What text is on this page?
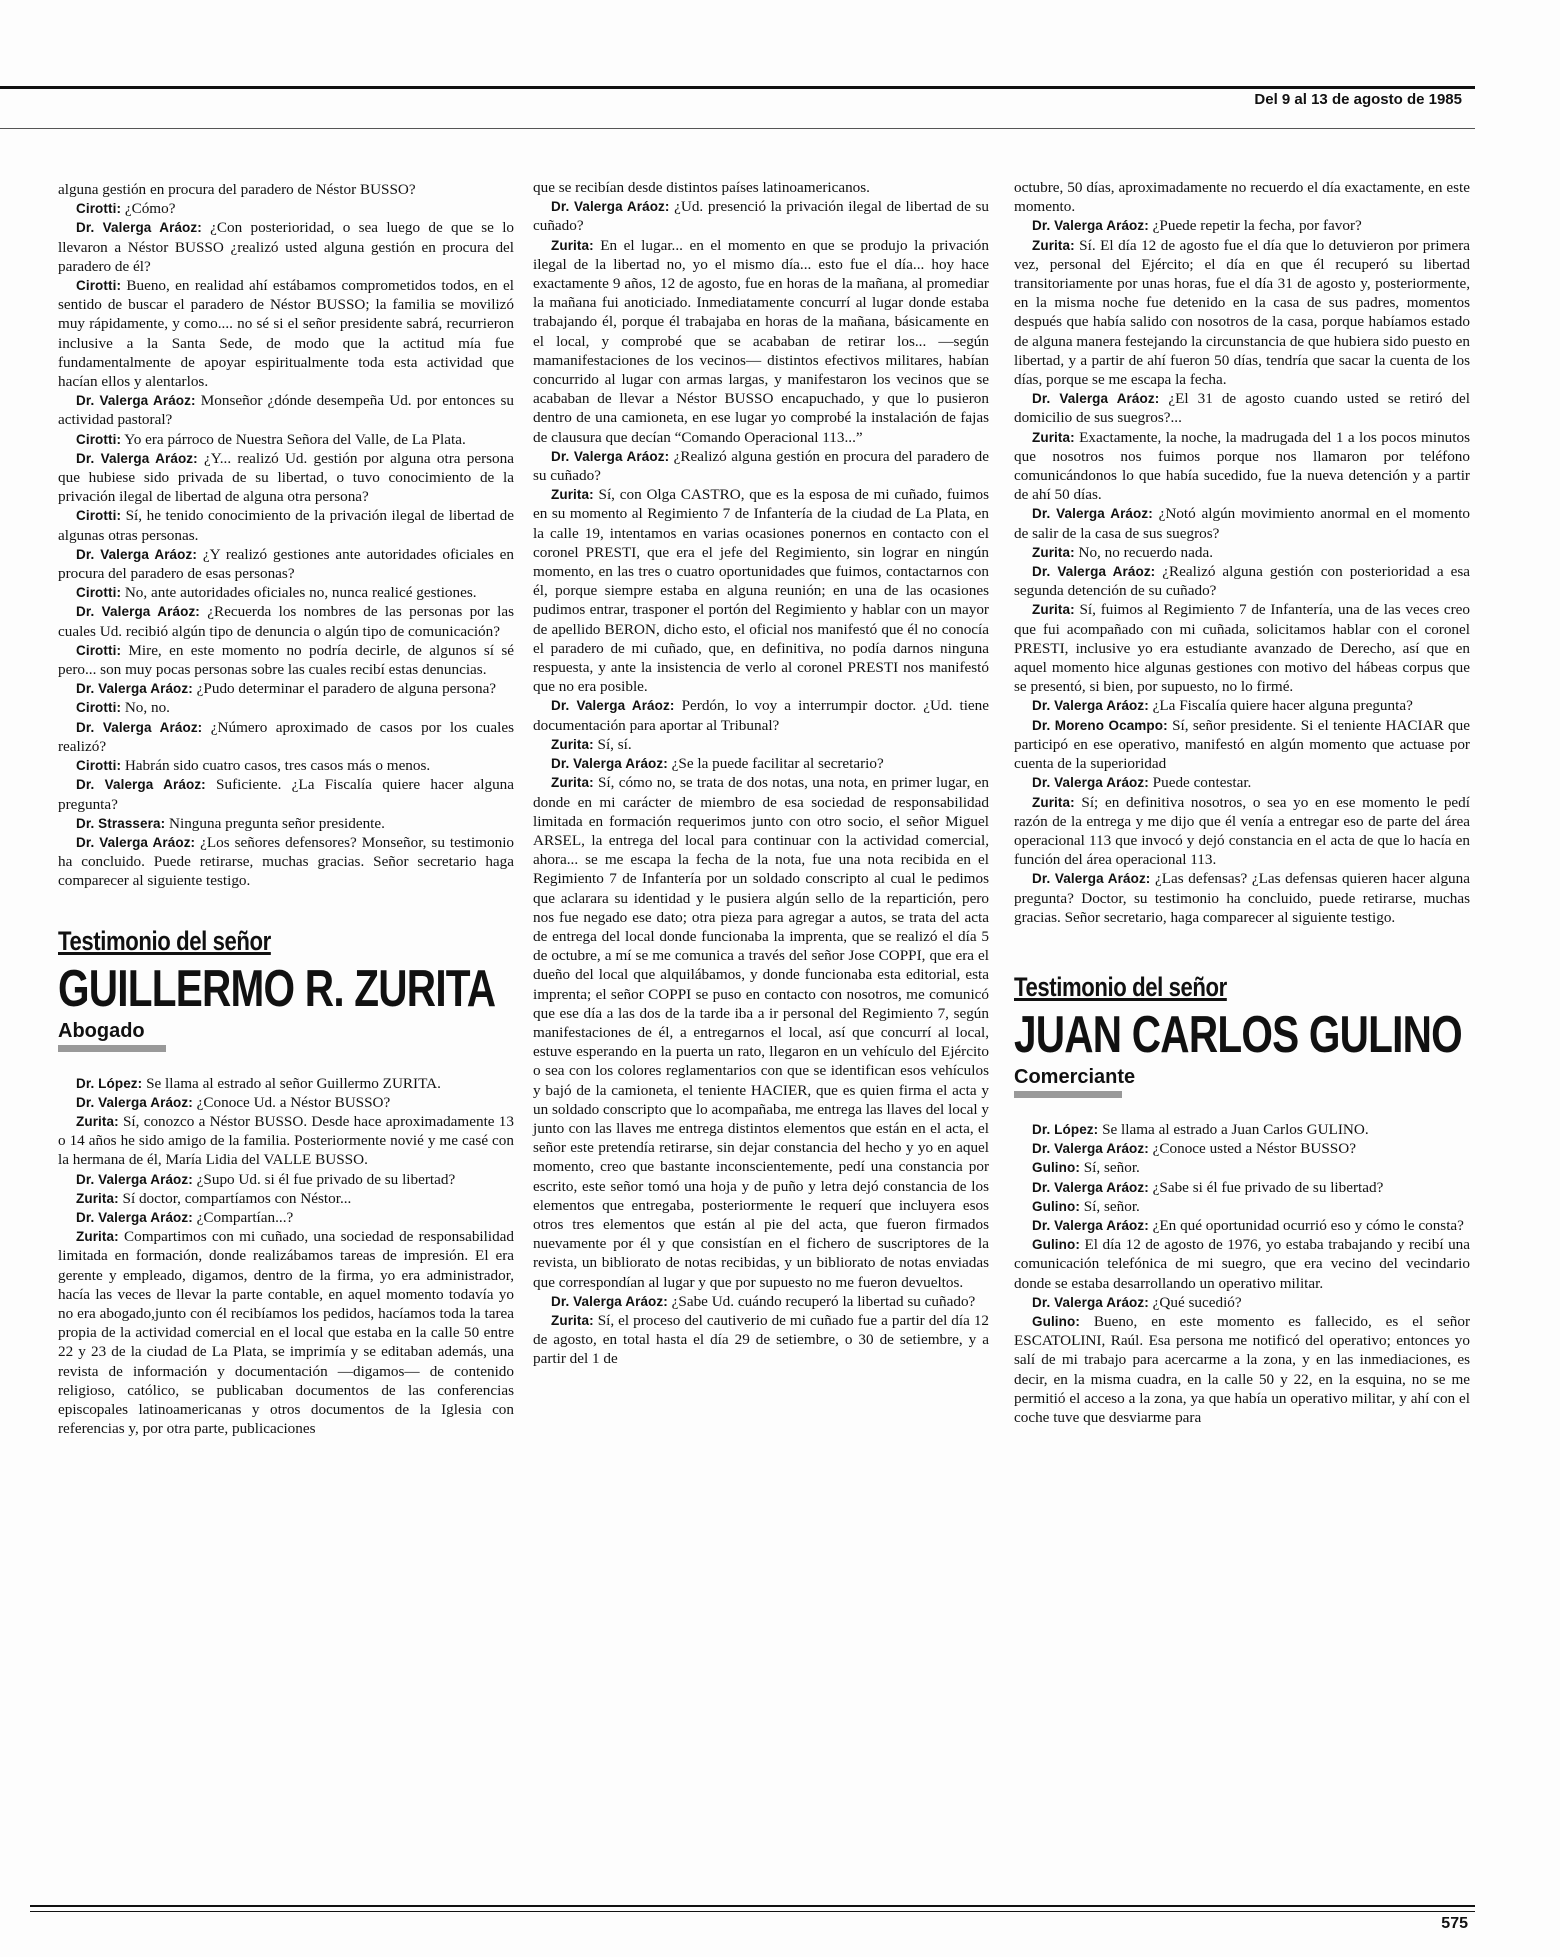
Del 9 al 13 de agosto de 1985

alguna gestión en procura del paradero de Néstor BUSSO?

Cirotti: ¿Cómo?

Dr. Valerga Aráoz: ¿Con posterioridad, o sea luego de que se lo llevaron a Néstor BUSSO ¿realizó usted alguna gestión en procura del paradero de él?

Cirotti: Bueno, en realidad ahí estábamos comprometidos todos, en el sentido de buscar el paradero de Néstor BUSSO; la familia se movilizó muy rápidamente, y como.... no sé si el señor presidente sabrá, recurrieron inclusive a la Santa Sede, de modo que la actitud mía fue fundamentalmente de apoyar espiritualmente toda esta actividad que hacían ellos y alentarlos.

Dr. Valerga Aráoz: Monseñor ¿dónde desempeña Ud. por entonces su actividad pastoral?

Cirotti: Yo era párroco de Nuestra Señora del Valle, de La Plata.

Dr. Valerga Aráoz: ¿Y... realizó Ud. gestión por alguna otra persona que hubiese sido privada de su libertad, o tuvo conocimiento de la privación ilegal de libertad de alguna otra persona?

Cirotti: Sí, he tenido conocimiento de la privación ilegal de libertad de algunas otras personas.

Dr. Valerga Aráoz: ¿Y realizó gestiones ante autoridades oficiales en procura del paradero de esas personas?

Cirotti: No, ante autoridades oficiales no, nunca realicé gestiones.

Dr. Valerga Aráoz: ¿Recuerda los nombres de las personas por las cuales Ud. recibió algún tipo de denuncia o algún tipo de comunicación?

Cirotti: Mire, en este momento no podría decirle, de algunos sí sé pero... son muy pocas personas sobre las cuales recibí estas denuncias.

Dr. Valerga Aráoz: ¿Pudo determinar el paradero de alguna persona?

Cirotti: No, no.

Dr. Valerga Aráoz: ¿Número aproximado de casos por los cuales realizó?

Cirotti: Habrán sido cuatro casos, tres casos más o menos.

Dr. Valerga Aráoz: Suficiente. ¿La Fiscalía quiere hacer alguna pregunta?

Dr. Strassera: Ninguna pregunta señor presidente.

Dr. Valerga Aráoz: ¿Los señores defensores? Monseñor, su testimonio ha concluido. Puede retirarse, muchas gracias. Señor secretario haga comparecer al siguiente testigo.

Testimonio del señor
GUILLERMO R. ZURITA
Abogado

Dr. López: Se llama al estrado al señor Guillermo ZURITA.

Dr. Valerga Aráoz: ¿Conoce Ud. a Néstor BUSSO?

Zurita: Sí, conozco a Néstor BUSSO. Desde hace aproximadamente 13 o 14 años he sido amigo de la familia. Posteriormente novié y me casé con la hermana de él, María Lidia del VALLE BUSSO.

Dr. Valerga Aráoz: ¿Supo Ud. si él fue privado de su libertad?

Zurita: Sí doctor, compartíamos con Néstor...

Dr. Valerga Aráoz: ¿Compartían...?

Zurita: Compartimos con mi cuñado, una sociedad de responsabilidad limitada en formación, donde realizábamos tareas de impresión. El era gerente y empleado, digamos, dentro de la firma, yo era administrador, hacía las veces de llevar la parte contable, en aquel momento todavía yo no era abogado,junto con él recibíamos los pedidos, hacíamos toda la tarea propia de la actividad comercial en el local que estaba en la calle 50 entre 22 y 23 de la ciudad de La Plata, se imprimía y se editaban además, una revista de información y documentación —digamos— de contenido religioso, católico, se publicaban documentos de las conferencias episcopales latinoamericanas y otros documentos de la Iglesia con referencias y, por otra parte, publicaciones

que se recibían desde distintos países latinoamericanos.

Dr. Valerga Aráoz: ¿Ud. presenció la privación ilegal de libertad de su cuñado?

Zurita: En el lugar... en el momento en que se produjo la privación ilegal de la libertad no, yo el mismo día... esto fue el día... hoy hace exactamente 9 años, 12 de agosto, fue en horas de la mañana, al promediar la mañana fui anoticiado. Inmediatamente concurrí al lugar donde estaba trabajando él, porque él trabajaba en horas de la mañana, básicamente en el local, y comprobé que se acababan de retirar los... —según mamanifestaciones de los vecinos— distintos efectivos militares, habían concurrido al lugar con armas largas, y manifestaron los vecinos que se acababan de llevar a Néstor BUSSO encapuchado, y que lo pusieron dentro de una camioneta, en ese lugar yo comprobé la instalación de fajas de clausura que decían “Comando Operacional 113...”

Dr. Valerga Aráoz: ¿Realizó alguna gestión en procura del paradero de su cuñado?

Zurita: Sí, con Olga CASTRO, que es la esposa de mi cuñado, fuimos en su momento al Regimiento 7 de Infantería de la ciudad de La Plata, en la calle 19, intentamos en varias ocasiones ponernos en contacto con el coronel PRESTI, que era el jefe del Regimiento, sin lograr en ningún momento, en las tres o cuatro oportunidades que fuimos, contactarnos con él, porque siempre estaba en alguna reunión; en una de las ocasiones pudimos entrar, trasponer el portón del Regimiento y hablar con un mayor de apellido BERON, dicho esto, el oficial nos manifestó que él no conocía el paradero de mi cuñado, que, en definitiva, no podía darnos ninguna respuesta, y ante la insistencia de verlo al coronel PRESTI nos manifestó que no era posible.

Dr. Valerga Aráoz: Perdón, lo voy a interrumpir doctor. ¿Ud. tiene documentación para aportar al Tribunal?

Zurita: Sí, sí.

Dr. Valerga Aráoz: ¿Se la puede facilitar al secretario?

Zurita: Sí, cómo no, se trata de dos notas, una nota, en primer lugar, en donde en mi carácter de miembro de esa sociedad de responsabilidad limitada en formación requerimos junto con otro socio, el señor Miguel ARSEL, la entrega del local para continuar con la actividad comercial, ahora... se me escapa la fecha de la nota, fue una nota recibida en el Regimiento 7 de Infantería por un soldado conscripto al cual le pedimos que aclarara su identidad y le pusiera algún sello de la repartición, pero nos fue negado ese dato; otra pieza para agregar a autos, se trata del acta de entrega del local donde funcionaba la imprenta, que se realizó el día 5 de octubre, a mí se me comunica a través del señor Jose COPPI, que era el dueño del local que alquilábamos, y donde funcionaba esta editorial, esta imprenta; el señor COPPI se puso en contacto con nosotros, me comunicó que ese día a las dos de la tarde iba a ir personal del Regimiento 7, según manifestaciones de él, a entregarnos el local, así que concurrí al local, estuve esperando en la puerta un rato, llegaron en un vehículo del Ejército o sea con los colores reglamentarios con que se identifican esos vehículos y bajó de la camioneta, el teniente HACIER, que es quien firma el acta y un soldado conscripto que lo acompañaba, me entrega las llaves del local y junto con las llaves me entrega distintos elementos que están en el acta, el señor este pretendía retirarse, sin dejar constancia del hecho y yo en aquel momento, creo que bastante inconscientemente, pedí una constancia por escrito, este señor tomó una hoja y de puño y letra dejó constancia de los elementos que entregaba, posteriormente le requerí que incluyera esos otros tres elementos que están al pie del acta, que fueron firmados nuevamente por él y que consistían en el fichero de suscriptores de la revista, un bibliorato de notas recibidas, y un bibliorato de notas enviadas que correspondían al lugar y que por supuesto no me fueron devueltos.

Dr. Valerga Aráoz: ¿Sabe Ud. cuándo recuperó la libertad su cuñado?

Zurita: Sí, el proceso del cautiverio de mi cuñado fue a partir del día 12 de agosto, en total hasta el día 29 de setiembre, o 30 de setiembre, y a partir del 1 de

octubre, 50 días, aproximadamente no recuerdo el día exactamente, en este momento.

Dr. Valerga Aráoz: ¿Puede repetir la fecha, por favor?

Zurita: Sí. El día 12 de agosto fue el día que lo detuvieron por primera vez, personal del Ejército; el día en que él recuperó su libertad transitoriamente por unas horas, fue el día 31 de agosto y, posteriormente, en la misma noche fue detenido en la casa de sus padres, momentos después que había salido con nosotros de la casa, porque habíamos estado de alguna manera festejando la circunstancia de que hubiera sido puesto en libertad, y a partir de ahí fueron 50 días, tendría que sacar la cuenta de los días, porque se me escapa la fecha.

Dr. Valerga Aráoz: ¿El 31 de agosto cuando usted se retiró del domicilio de sus suegros?...

Zurita: Exactamente, la noche, la madrugada del 1 a los pocos minutos que nosotros nos fuimos porque nos llamaron por teléfono comunicándonos lo que había sucedido, fue la nueva detención y a partir de ahí 50 días.

Dr. Valerga Aráoz: ¿Notó algún movimiento anormal en el momento de salir de la casa de sus suegros?

Zurita: No, no recuerdo nada.

Dr. Valerga Aráoz: ¿Realizó alguna gestión con posterioridad a esa segunda detención de su cuñado?

Zurita: Sí, fuimos al Regimiento 7 de Infantería, una de las veces creo que fui acompañado con mi cuñada, solicitamos hablar con el coronel PRESTI, inclusive yo era estudiante avanzado de Derecho, así que en aquel momento hice algunas gestiones con motivo del hábeas corpus que se presentó, si bien, por supuesto, no lo firmé.

Dr. Valerga Aráoz: ¿La Fiscalía quiere hacer alguna pregunta?

Dr. Moreno Ocampo: Sí, señor presidente. Si el teniente HACIAR que participó en ese operativo, manifestó en algún momento que actuase por cuenta de la superioridad

Dr. Valerga Aráoz: Puede contestar.

Zurita: Sí; en definitiva nosotros, o sea yo en ese momento le pedí razón de la entrega y me dijo que él venía a entregar eso de parte del área operacional 113 que invocó y dejó constancia en el acta de que lo hacía en función del área operacional 113.

Dr. Valerga Aráoz: ¿Las defensas? ¿Las defensas quieren hacer alguna pregunta? Doctor, su testimonio ha concluido, puede retirarse, muchas gracias. Señor secretario, haga comparecer al siguiente testigo.

Testimonio del señor
JUAN CARLOS GULINO
Comerciante

Dr. López: Se llama al estrado a Juan Carlos GULINO.

Dr. Valerga Aráoz: ¿Conoce usted a Néstor BUSSO?

Gulino: Sí, señor.

Dr. Valerga Aráoz: ¿Sabe si él fue privado de su libertad?

Gulino: Sí, señor.

Dr. Valerga Aráoz: ¿En qué oportunidad ocurrió eso y cómo le consta?

Gulino: El día 12 de agosto de 1976, yo estaba trabajando y recibí una comunicación telefónica de mi suegro, que era vecino del vecindario donde se estaba desarrollando un operativo militar.

Dr. Valerga Aráoz: ¿Qué sucedió?

Gulino: Bueno, en este momento es fallecido, es el señor ESCATOLINI, Raúl. Esa persona me notificó del operativo; entonces yo salí de mi trabajo para acercarme a la zona, y en las inmediaciones, es decir, en la misma cuadra, en la calle 50 y 22, en la esquina, no se me permitió el acceso a la zona, ya que había un operativo militar, y ahí con el coche tuve que desviarme para

575
